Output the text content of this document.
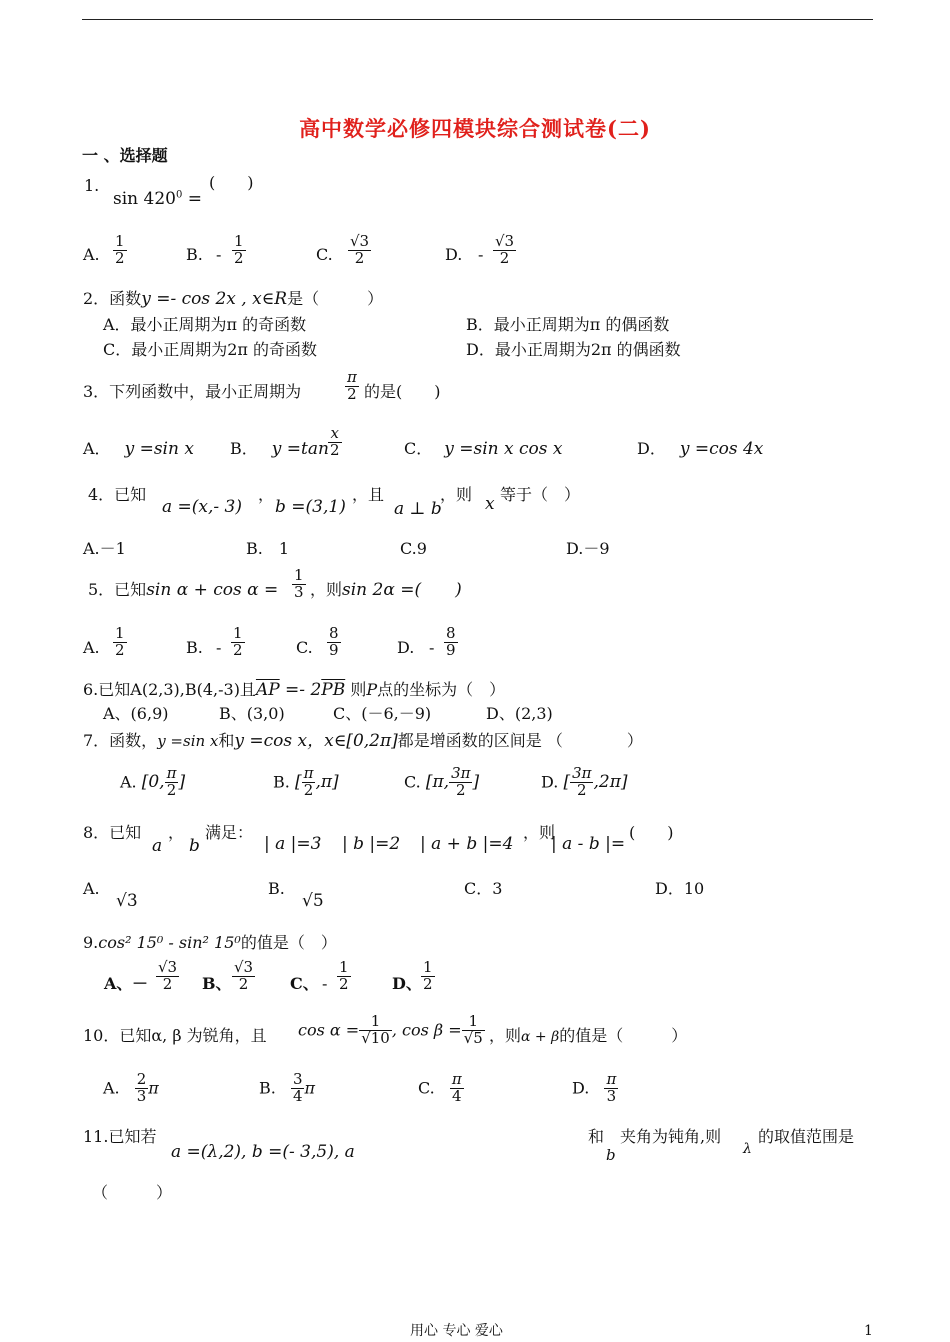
高中数学必修四模块综合测试卷(二)
一 、选择题
1.
$\sin 420^0$ =
(　　)
A. $\frac{1}{2}$	B. - $\frac{1}{2}$	C. $\frac{√3}{2}$	D. - $\frac{√3}{2}$
2．函数y =- cos 2x , x∈R是（　　　）
A．最小正周期为π 的奇函数	B．最小正周期为π 的偶函数
C．最小正周期为2π 的奇函数	D．最小正周期为2π 的偶函数
3．下列函数中，最小正周期为	$\frac{\pi}{2}$ 的是(　　)
A． y =sin x B． $y =\tan \frac{x}{2}$	C． y =sin x cos x	D． y =cos 4x
4．已知
a =(x,- 3)
，
b =(3,1)
，且
a ⊥ b
，则 x 等于（　）
A.－1	B.　1	C.9	D.－9
5．已知$\sin \alpha + \cos \alpha = \frac{1}{3}$ ，则sin 2α =(　　)
A. $\frac{1}{2}$	B. - $\frac{1}{2}$	C. $\frac{8}{9}$	D. - $\frac{8}{9}$
6.已知A(2,3),B(4,-3)且$\overline{AP} =- 2\overline{PB}$ 则P点的坐标为（　）
A、(6,9)	B、(3,0)	C、(－6,－9)	D、(2,3)
7．函数，y =sin x和y =cos x，x∈[0,2π]都是增函数的区间是 （　　　　）
A. [0, $\frac{\pi}{2}$ ]	B. [ $\frac{\pi}{2} ,\pi$]	C. [π, $\frac{3\pi}{2}$ ]	D. [ $\frac{3\pi}{2} ,2\pi$]
8．已知
a
，
b
满足：
| a |=3 | b |=2 | a + b |=4
，则
| a - b |=
(　　)
A.
√3
B.
√5
C．3	D．10
9.cos² 15⁰ - sin² 15⁰的值是（　）
A、 － $\frac{√3}{2}$ B、 $\frac{√3}{2}$ C、 - $\frac{1}{2}$	D、 $\frac{1}{2}$
10．已知α, β 为锐角，且 $\cos \alpha = \frac{1}{√10}$ , $\cos \beta = \frac{1}{√5}$ ，则α + β的值是（　　　）
A. $\frac{2}{3}$ π	B. $\frac{3}{4}$ π	C. $\frac{\pi}{4}$	D. $\frac{\pi}{3}$
11.已知若
a =(λ,2), b =(- 3,5), a
和
b
夹角为钝角,则
λ
的取值范围是
（　　　）
用心 专心 爱心	1
